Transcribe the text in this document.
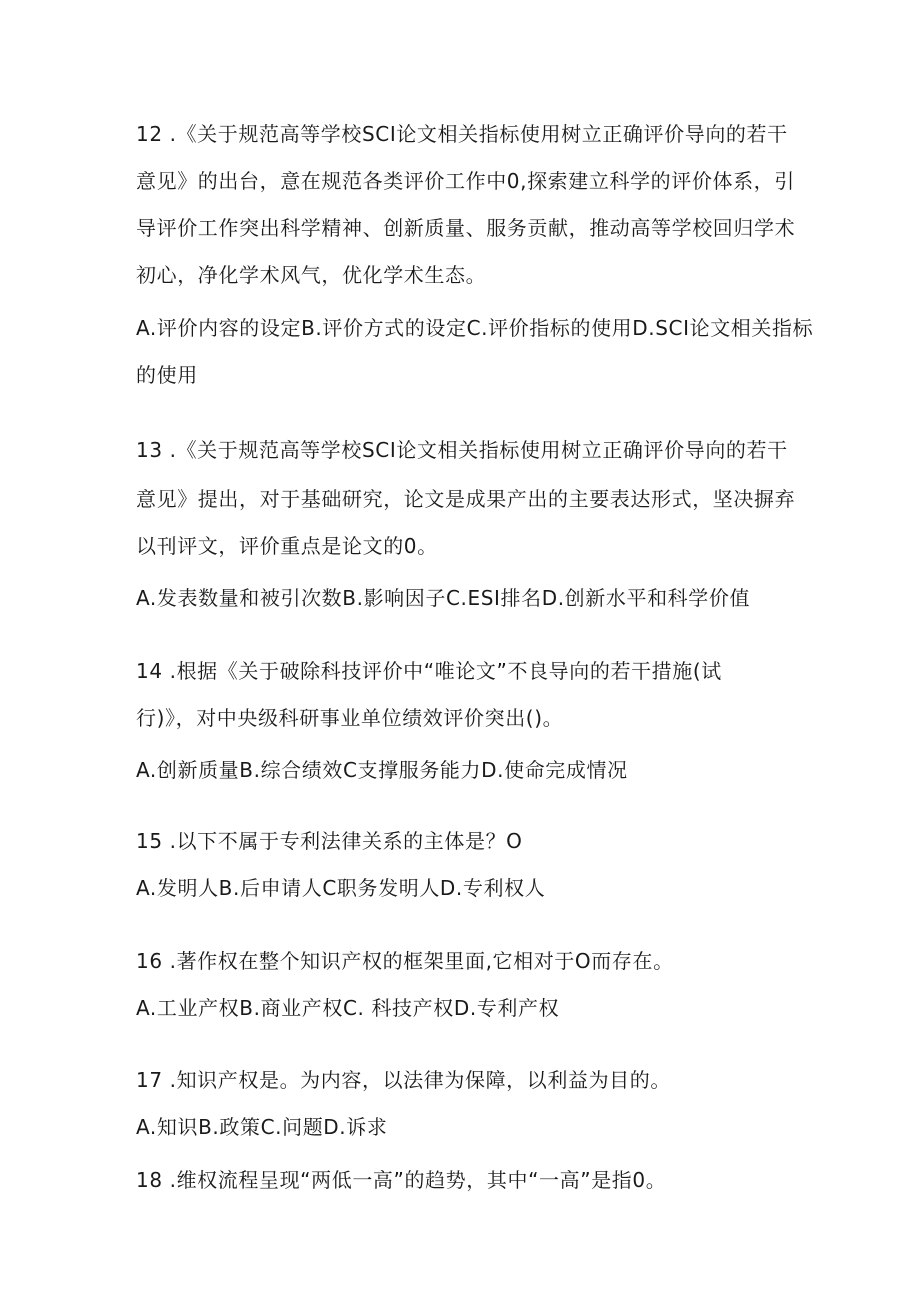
12 .《关于规范高等学校SCI论文相关指标使用树立正确评价导向的若干
意见》的出台，意在规范各类评价工作中0,探索建立科学的评价体系，引
导评价工作突出科学精神、创新质量、服务贡献，推动高等学校回归学术
初心，净化学术风气，优化学术生态。
A.评价内容的设定B.评价方式的设定C.评价指标的使用D.SCI论文相关指标
的使用
13 .《关于规范高等学校SCI论文相关指标使用树立正确评价导向的若干
意见》提出，对于基础研究，论文是成果产出的主要表达形式，坚决摒弃
以刊评文，评价重点是论文的0。
A.发表数量和被引次数B.影响因子C.ESI排名D.创新水平和科学价值
14 .根据《关于破除科技评价中“唯论文”不良导向的若干措施(试
行)》，对中央级科研事业单位绩效评价突出()。
A.创新质量B.综合绩效C支撑服务能力D.使命完成情况
15 .以下不属于专利法律关系的主体是？O
A.发明人B.后申请人C职务发明人D.专利权人
16 .著作权在整个知识产权的框架里面,它相对于O而存在。
A.工业产权B.商业产权C. 科技产权D.专利产权
17 .知识产权是。为内容，以法律为保障，以利益为目的。
A.知识B.政策C.问题D.诉求
18 .维权流程呈现“两低一高”的趋势，其中“一高”是指0。
